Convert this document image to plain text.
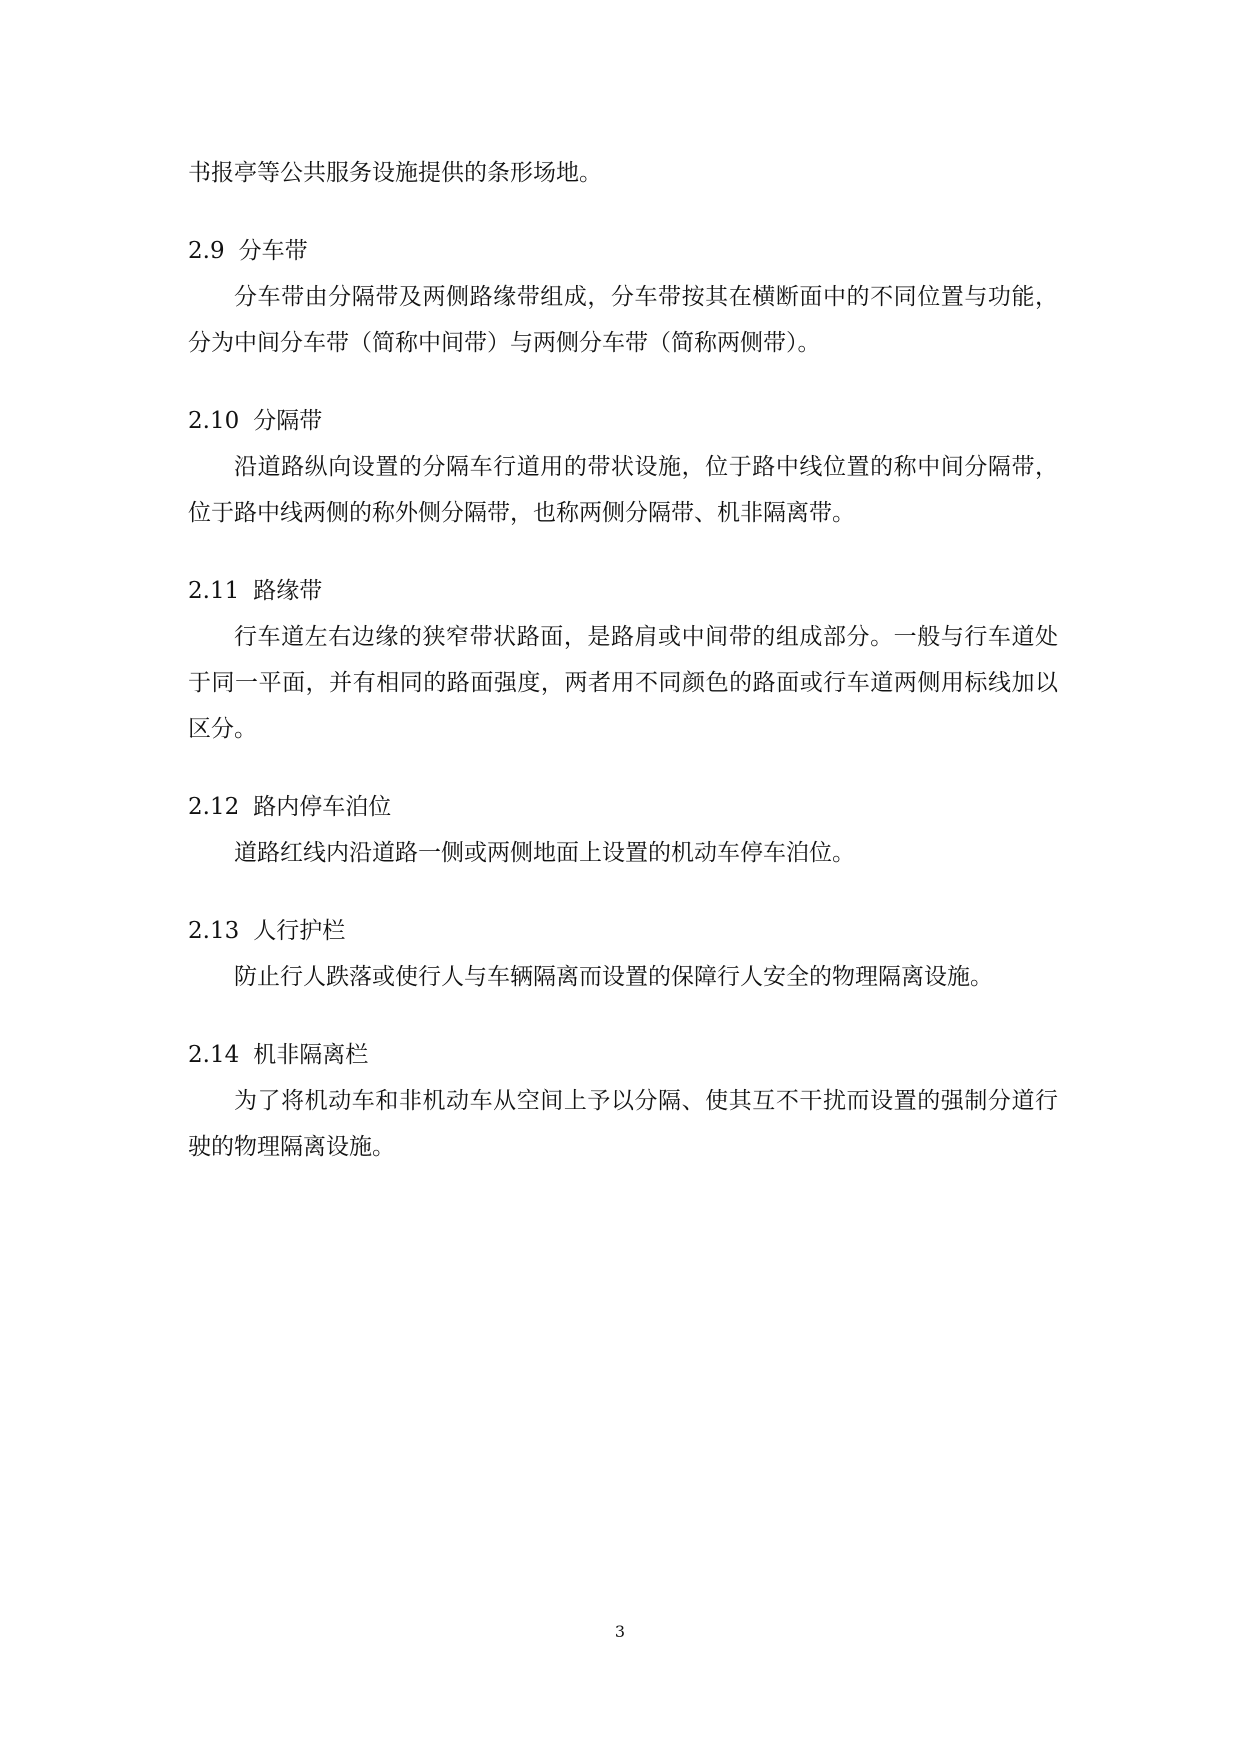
书报亭等公共服务设施提供的条形场地。

2.9 分车带

分车带由分隔带及两侧路缘带组成，分车带按其在横断面中的不同位置与功能，分为中间分车带（简称中间带）与两侧分车带（简称两侧带）。

2.10 分隔带

沿道路纵向设置的分隔车行道用的带状设施，位于路中线位置的称中间分隔带，位于路中线两侧的称外侧分隔带，也称两侧分隔带、机非隔离带。

2.11 路缘带

行车道左右边缘的狭窄带状路面，是路肩或中间带的组成部分。一般与行车道处于同一平面，并有相同的路面强度，两者用不同颜色的路面或行车道两侧用标线加以区分。

2.12 路内停车泊位

道路红线内沿道路一侧或两侧地面上设置的机动车停车泊位。

2.13 人行护栏

防止行人跌落或使行人与车辆隔离而设置的保障行人安全的物理隔离设施。

2.14 机非隔离栏

为了将机动车和非机动车从空间上予以分隔、使其互不干扰而设置的强制分道行驶的物理隔离设施。

3
